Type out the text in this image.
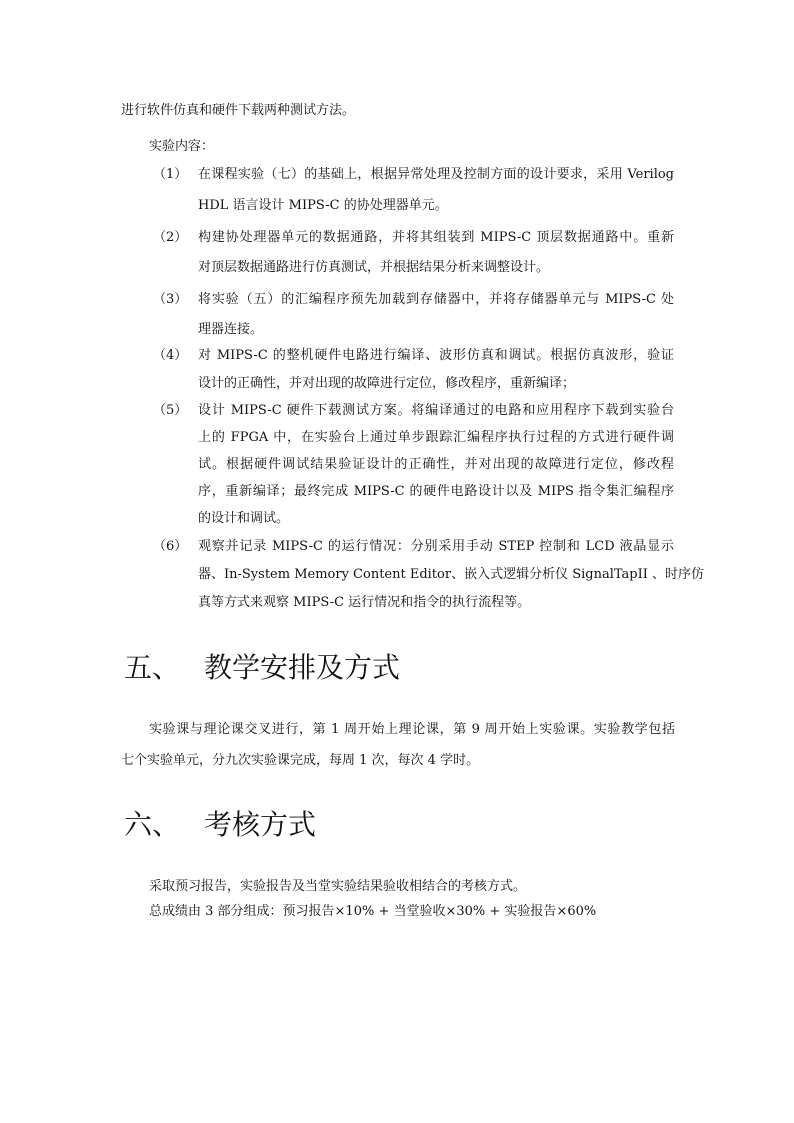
进行软件仿真和硬件下载两种测试方法。
实验内容：
（1） 在课程实验（七）的基础上，根据异常处理及控制方面的设计要求，采用 Verilog
HDL 语言设计 MIPS-C 的协处理器单元。
（2） 构建协处理器单元的数据通路，并将其组装到 MIPS-C 顶层数据通路中。重新
对顶层数据通路进行仿真测试，并根据结果分析来调整设计。
（3） 将实验（五）的汇编程序预先加载到存储器中，并将存储器单元与 MIPS-C 处
理器连接。
（4） 对 MIPS-C 的整机硬件电路进行编译、波形仿真和调试。根据仿真波形，验证
设计的正确性，并对出现的故障进行定位，修改程序，重新编译；
（5） 设计 MIPS-C 硬件下载测试方案。将编译通过的电路和应用程序下载到实验台
上的 FPGA 中，在实验台上通过单步跟踪汇编程序执行过程的方式进行硬件调
试。根据硬件调试结果验证设计的正确性，并对出现的故障进行定位，修改程
序，重新编译；最终完成 MIPS-C 的硬件电路设计以及 MIPS 指令集汇编程序
的设计和调试。
（6） 观察并记录 MIPS-C 的运行情况：分别采用手动 STEP 控制和 LCD 液晶显示
器、In-System Memory Content Editor、嵌入式逻辑分析仪 SignalTapII 、时序仿
真等方式来观察 MIPS-C 运行情况和指令的执行流程等。
五、 教学安排及方式
实验课与理论课交叉进行，第 1 周开始上理论课，第 9 周开始上实验课。实验教学包括
七个实验单元，分九次实验课完成，每周 1 次，每次 4 学时。
六、 考核方式
采取预习报告，实验报告及当堂实验结果验收相结合的考核方式。
总成绩由 3 部分组成：预习报告×10% + 当堂验收×30% + 实验报告×60%
